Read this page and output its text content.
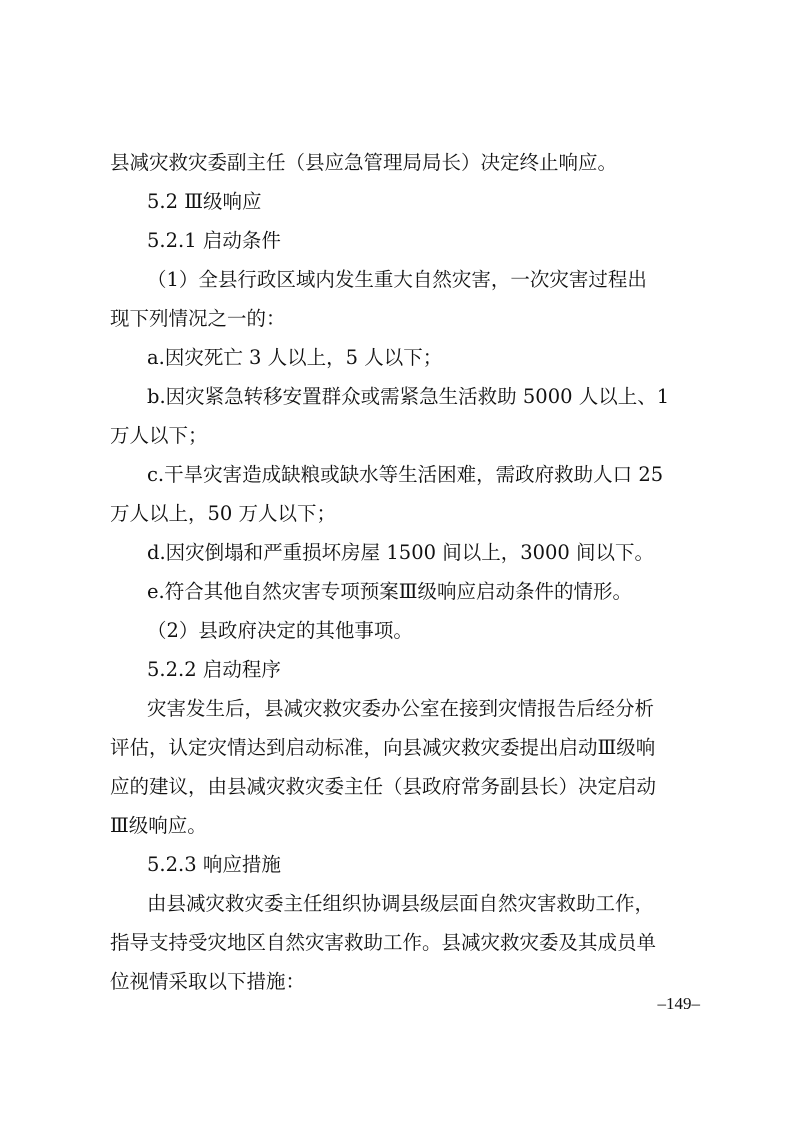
县减灾救灾委副主任（县应急管理局局长）决定终止响应。
5.2 Ⅲ级响应
5.2.1 启动条件
（1）全县行政区域内发生重大自然灾害，一次灾害过程出
现下列情况之一的：
a.因灾死亡 3 人以上，5 人以下；
b.因灾紧急转移安置群众或需紧急生活救助 5000 人以上、1
万人以下；
c.干旱灾害造成缺粮或缺水等生活困难，需政府救助人口 25
万人以上，50 万人以下；
d.因灾倒塌和严重损坏房屋 1500 间以上，3000 间以下。
e.符合其他自然灾害专项预案Ⅲ级响应启动条件的情形。
（2）县政府决定的其他事项。
5.2.2 启动程序
灾害发生后，县减灾救灾委办公室在接到灾情报告后经分析
评估，认定灾情达到启动标准，向县减灾救灾委提出启动Ⅲ级响
应的建议，由县减灾救灾委主任（县政府常务副县长）决定启动
Ⅲ级响应。
5.2.3 响应措施
由县减灾救灾委主任组织协调县级层面自然灾害救助工作，
指导支持受灾地区自然灾害救助工作。县减灾救灾委及其成员单
位视情采取以下措施：
–149–
